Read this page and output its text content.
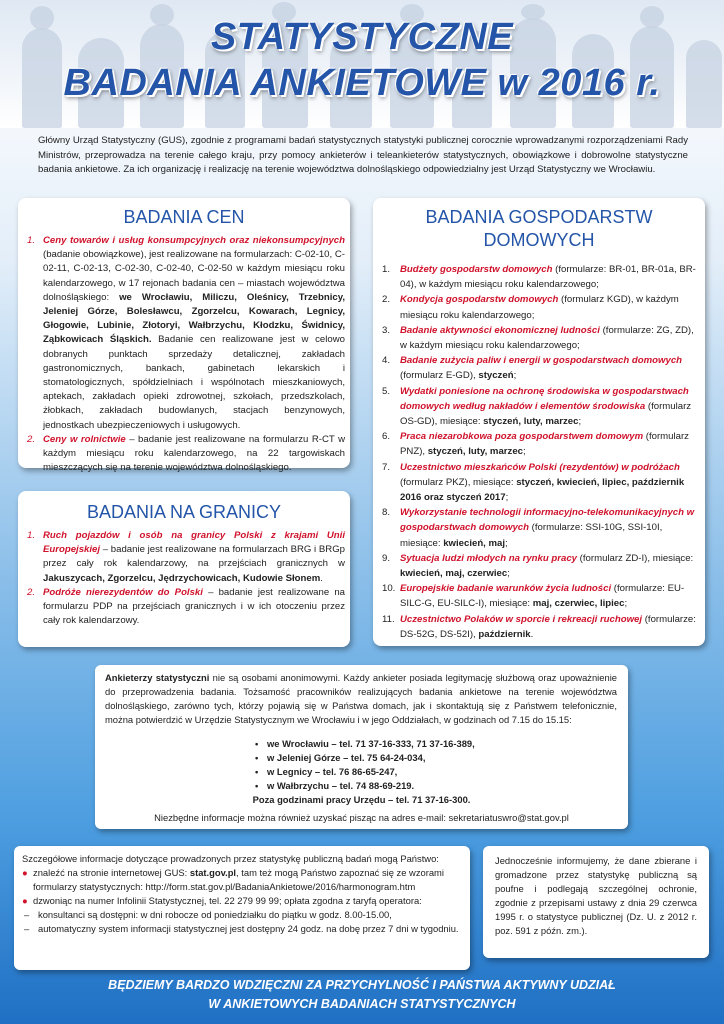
STATYSTYCZNE
BADANIA ANKIETOWE w 2016 r.
Główny Urząd Statystyczny (GUS), zgodnie z programami badań statystycznych statystyki publicznej corocznie wprowadzanymi rozporządzeniami Rady Ministrów, przeprowadza na terenie całego kraju, przy pomocy ankieterów i teleankieterów statystycznych, obowiązkowe i dobrowolne statystyczne badania ankietowe. Za ich organizację i realizację na terenie województwa dolnośląskiego odpowiedzialny jest Urząd Statystyczny we Wrocławiu.
BADANIA CEN
1. Ceny towarów i usług konsumpcyjnych oraz niekonsumpcyjnych (badanie obowiązkowe), jest realizowane na formularzach: C-02-10, C-02-11, C-02-13, C-02-30, C-02-40, C-02-50 w każdym miesiącu roku kalendarzowego, w 17 rejonach badania cen – miastach województwa dolnośląskiego: we Wrocławiu, Miliczu, Oleśnicy, Trzebnicy, Jeleniej Górze, Bolesławcu, Zgorzelcu, Kowarach, Legnicy, Głogowie, Lubinie, Złotoryi, Wałbrzychu, Kłodzku, Świdnicy, Ząbkowicach Śląskich. Badanie cen realizowane jest w celowo dobranych punktach sprzedaży detalicznej, zakładach gastronomicznych, bankach, gabinetach lekarskich i stomatologicznych, spółdzielniach i wspólnotach mieszkaniowych, aptekach, zakładach opieki zdrowotnej, szkołach, przedszkolach, żłobkach, zakładach budowlanych, stacjach benzynowych, jednostkach ubezpieczeniowych i usługowych.
2. Ceny w rolnictwie – badanie jest realizowane na formularzu R-CT w każdym miesiącu roku kalendarzowego, na 22 targowiskach mieszczących się na terenie województwa dolnośląskiego.
BADANIA NA GRANICY
1. Ruch pojazdów i osób na granicy Polski z krajami Unii Europejskiej – badanie jest realizowane na formularzach BRG i BRGp przez cały rok kalendarzowy, na przejściach granicznych w Jakuszycach, Zgorzelcu, Jędrzychowicach, Kudowie Słonem.
2. Podróże nierezydentów do Polski – badanie jest realizowane na formularzu PDP na przejściach granicznych i w ich otoczeniu przez cały rok kalendarzowy.
BADANIA GOSPODARSTW
DOMOWYCH
1. Budżety gospodarstw domowych (formularze: BR-01, BR-01a, BR-04), w każdym miesiącu roku kalendarzowego;
2. Kondycja gospodarstw domowych (formularz KGD), w każdym miesiącu roku kalendarzowego;
3. Badanie aktywności ekonomicznej ludności (formularze: ZG, ZD), w każdym miesiącu roku kalendarzowego;
4. Badanie zużycia paliw i energii w gospodarstwach domowych (formularz E-GD), styczeń;
5. Wydatki poniesione na ochronę środowiska w gospodarstwach domowych według nakładów i elementów środowiska (formularz OS-GD), miesiące: styczeń, luty, marzec;
6. Praca niezarobkowa poza gospodarstwem domowym (formularz PNZ), styczeń, luty, marzec;
7. Uczestnictwo mieszkańców Polski (rezydentów) w podróżach (formularz PKZ), miesiące: styczeń, kwiecień, lipiec, październik 2016 oraz styczeń 2017;
8. Wykorzystanie technologii informacyjno-telekomunikacyjnych w gospodarstwach domowych (formularze: SSI-10G, SSI-10I, miesiące: kwiecień, maj;
9. Sytuacja ludzi młodych na rynku pracy (formularz ZD-I), miesiące: kwiecień, maj, czerwiec;
10. Europejskie badanie warunków życia ludności (formularze: EU-SILC-G, EU-SILC-I), miesiące: maj, czerwiec, lipiec;
11. Uczestnictwo Polaków w sporcie i rekreacji ruchowej (formularze: DS-52G, DS-52I), październik.
Ankieterzy statystyczni nie są osobami anonimowymi. Każdy ankieter posiada legitymację służbową oraz upoważnienie do przeprowadzenia badania. Tożsamość pracowników realizujących badania ankietowe na terenie województwa dolnośląskiego, zarówno tych, którzy pojawią się w Państwa domach, jak i skontaktują się z Państwem telefonicznie, można potwierdzić w Urzędzie Statystycznym we Wrocławiu i w jego Oddziałach, w godzinach od 7.15 do 15.15:
• we Wrocławiu – tel. 71 37-16-333, 71 37-16-389,
• w Jeleniej Górze – tel. 75 64-24-034,
• w Legnicy – tel. 76 86-65-247,
• w Wałbrzychu – tel. 74 88-69-219.
Poza godzinami pracy Urzędu – tel. 71 37-16-300.
Niezbędne informacje można również uzyskać pisząc na adres e-mail: sekretariatuswro@stat.gov.pl
Szczegółowe informacje dotyczące prowadzonych przez statystykę publiczną badań mogą Państwo:
● znaleźć na stronie internetowej GUS: stat.gov.pl, tam też mogą Państwo zapoznać się ze wzorami formularzy statystycznych: http://form.stat.gov.pl/BadaniaAnkietowe/2016/harmonogram.htm
● dzwoniąc na numer Infolinii Statystycznej, tel. 22 279 99 99; opłata zgodna z taryfą operatora:
– konsultanci są dostępni: w dni robocze od poniedziałku do piątku w godz. 8.00-15.00,
– automatyczny system informacji statystycznej jest dostępny 24 godz. na dobę przez 7 dni w tygodniu.
Jednocześnie informujemy, że dane zbierane i gromadzone przez statystykę publiczną są poufne i podlegają szczególnej ochronie, zgodnie z przepisami ustawy z dnia 29 czerwca 1995 r. o statystyce publicznej (Dz. U. z 2012 r. poz. 591 z późn. zm.).
BĘDZIEMY BARDZO WDZIĘCZNI ZA PRZYCHYLNOŚĆ I PAŃSTWA AKTYWNY UDZIAŁ
W ANKIETOWYCH BADANIACH STATYSTYCZNYCH
